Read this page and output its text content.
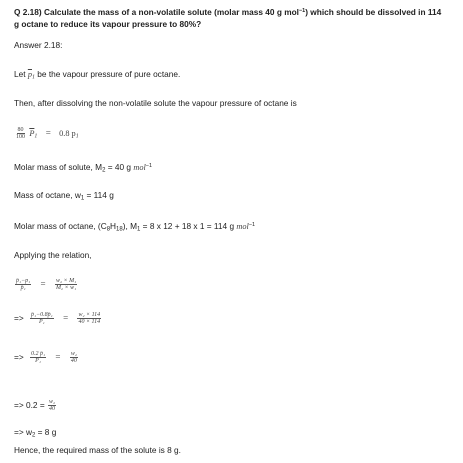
Q 2.18) Calculate the mass of a non-volatile solute (molar mass 40 g mol$^{-1}$) which should be dissolved in 114
g octane to reduce its vapour pressure to 80%?
Answer 2.18:
Let $\overline{p}_1$ be the vapour pressure of pure octane.
Then, after dissolving the non-volatile solute the vapour pressure of octane is
$\frac{80}{100} \overline{P}_1 = 0.8$ $p_1$
Molar mass of solute, $M_2 = 40$ g mol$^{-1}$
Mass of octane, $w_1 = 114$ g
Molar mass of octane, $(C_8H_{18})$, $M_1 = 8$ x 12 + 18 x 1 = 114 g mol$^{-1}$
Applying the relation,
$\frac{\text{p̄₁−p₁}}{\text{p̄₁}} = \frac{\text{w₂ × M₁}}{\text{M₂ × w₁}}$
=> $\frac{\text{p̄₁−0.8p̄₁}}{\text{P̄₁}} = \frac{\text{w₂ × 114}}{40 \times 114}$
=> $\frac{\text{0.2 p̄₁}}{\text{P̄₁}} = \frac{\text{w₂}}{40}$
=> $0.2 = \frac{\text{w₂}}{40}$
=> $w_2 = 8$ g
Hence, the required mass of the solute is 8 g.
